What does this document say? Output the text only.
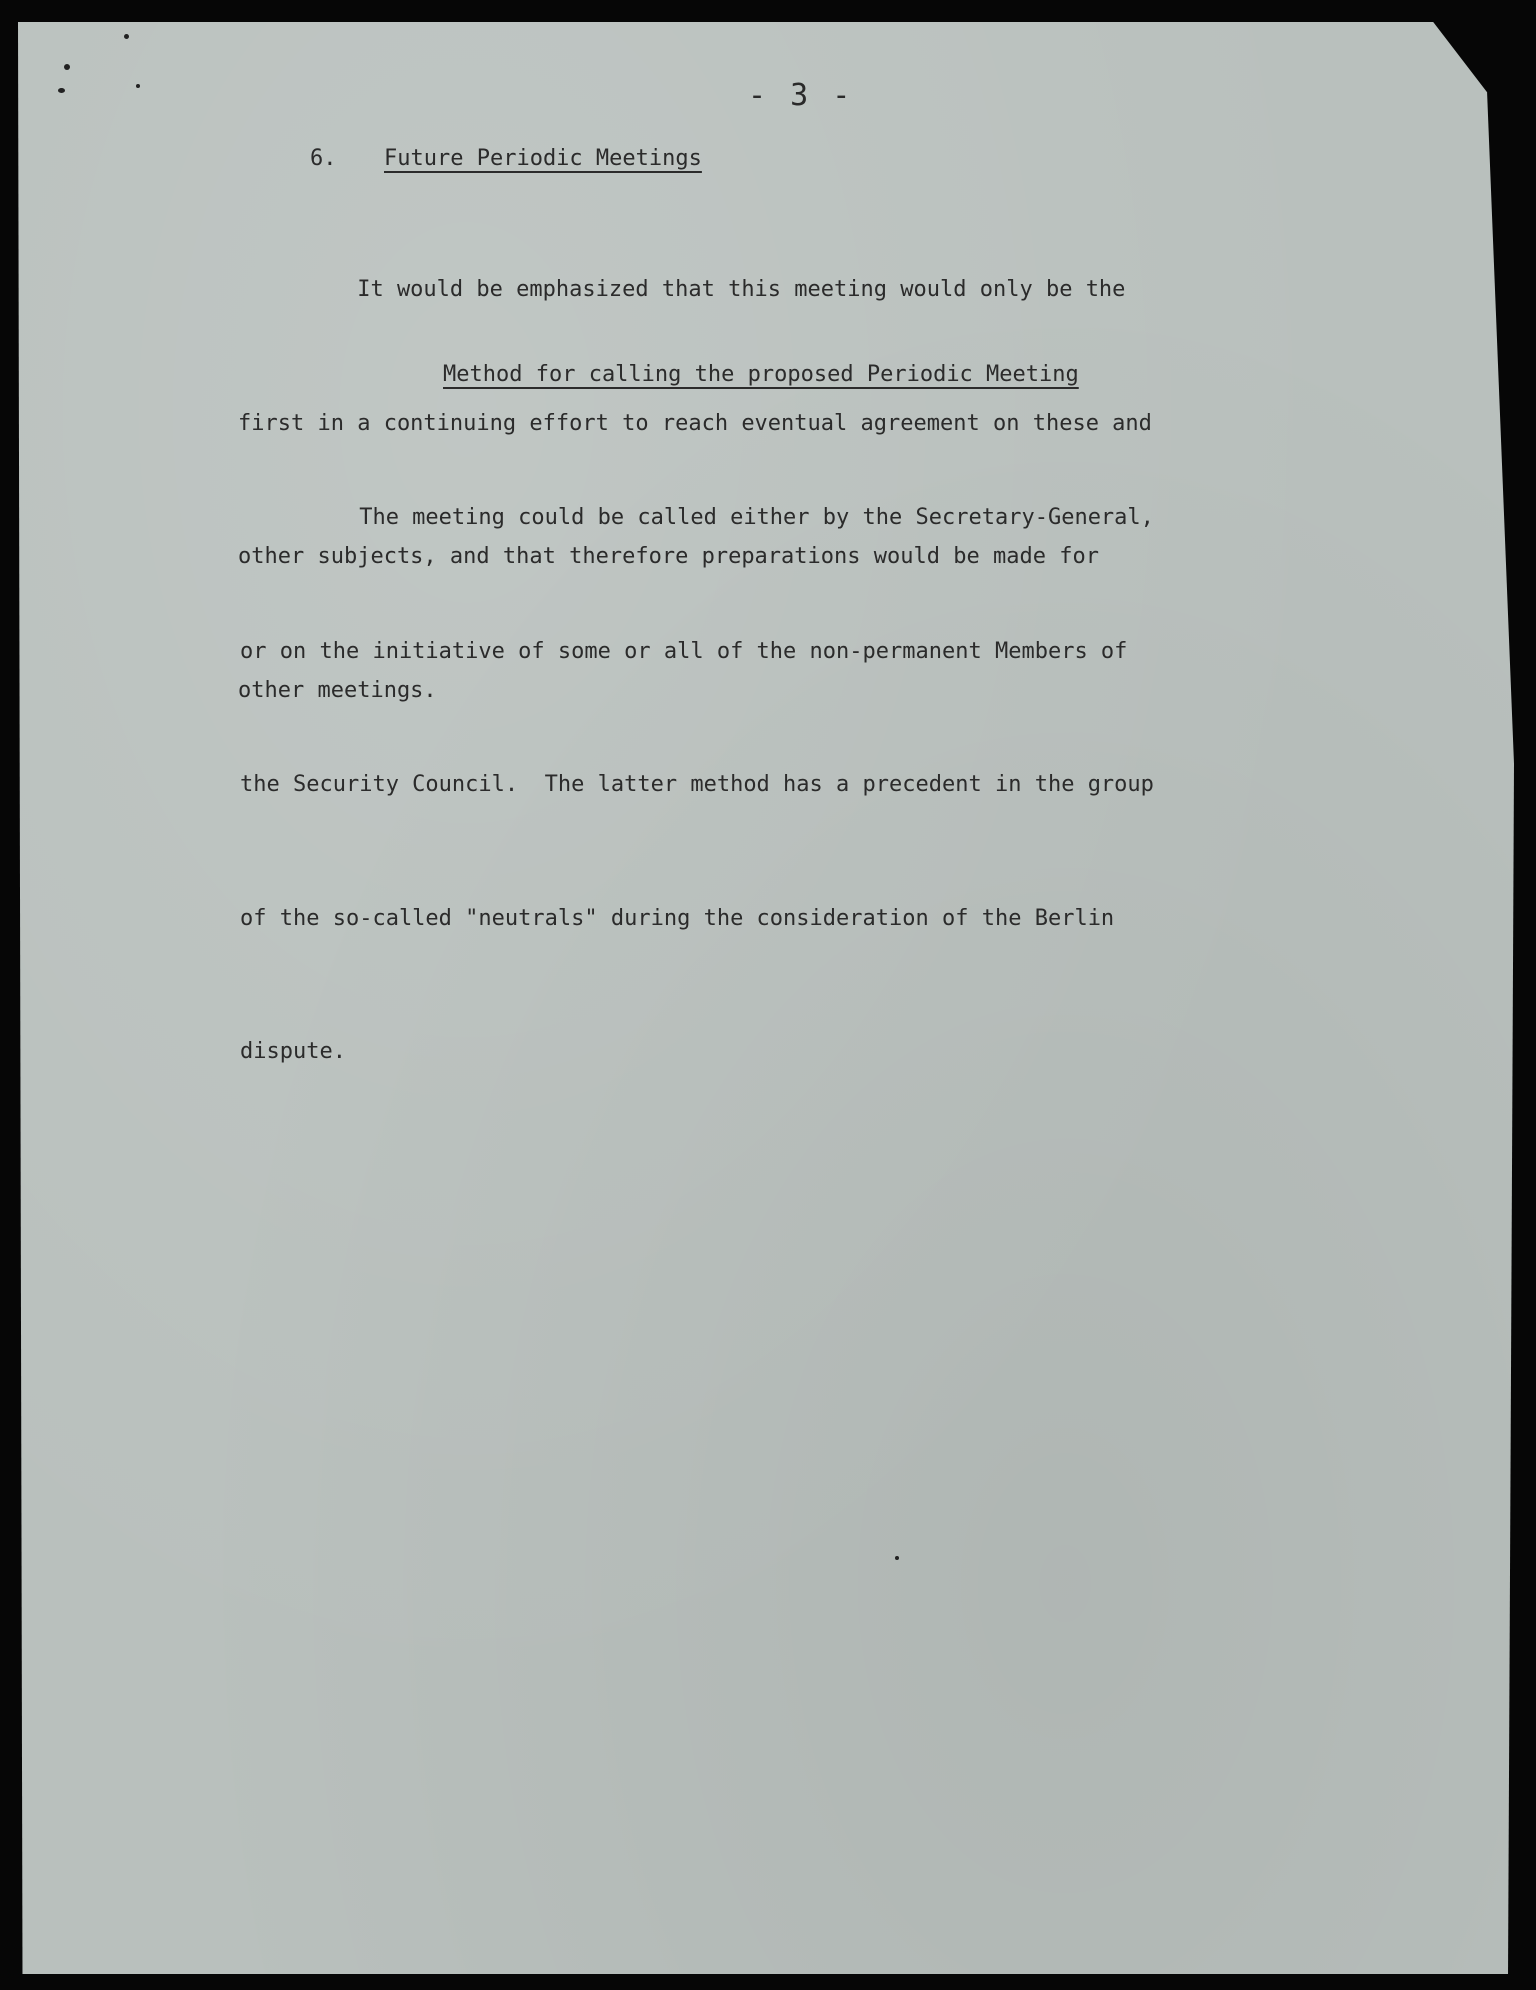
- 3 -
6. Future Periodic Meetings

It would be emphasized that this meeting would only be the

first in a continuing effort to reach eventual agreement on these and

other subjects, and that therefore preparations would be made for

other meetings.

Method for calling the proposed Periodic Meeting

The meeting could be called either by the Secretary-General,

or on the initiative of some or all of the non-permanent Members of

the Security Council.  The latter method has a precedent in the group

of the so-called "neutrals" during the consideration of the Berlin

dispute.
